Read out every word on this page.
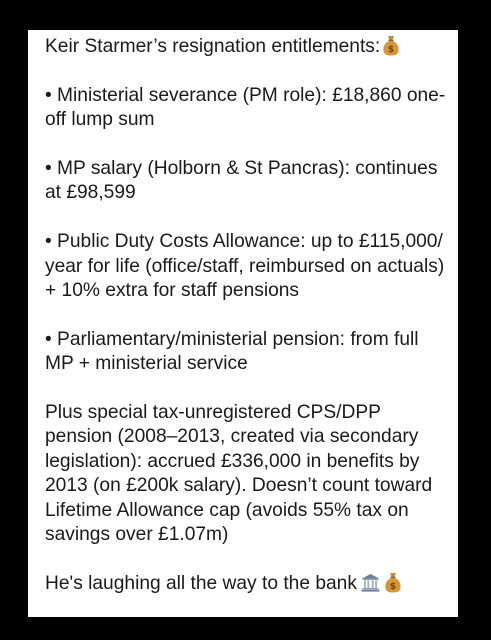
Keir Starmer’s resignation entitlements: $

• Ministerial severance (PM role): £18,860 one-off lump sum

• MP salary (Holborn & St Pancras): continues at £98,599

• Public Duty Costs Allowance: up to £115,000/ year for life (office/staff, reimbursed on actuals) + 10% extra for staff pensions

• Parliamentary/ministerial pension: from full MP + ministerial service

Plus special tax-unregistered CPS/DPP pension (2008–2013, created via secondary legislation): accrued £336,000 in benefits by 2013 (on £200k salary). Doesn’t count toward Lifetime Allowance cap (avoids 55% tax on savings over £1.07m)

He's laughing all the way to the bank	$
